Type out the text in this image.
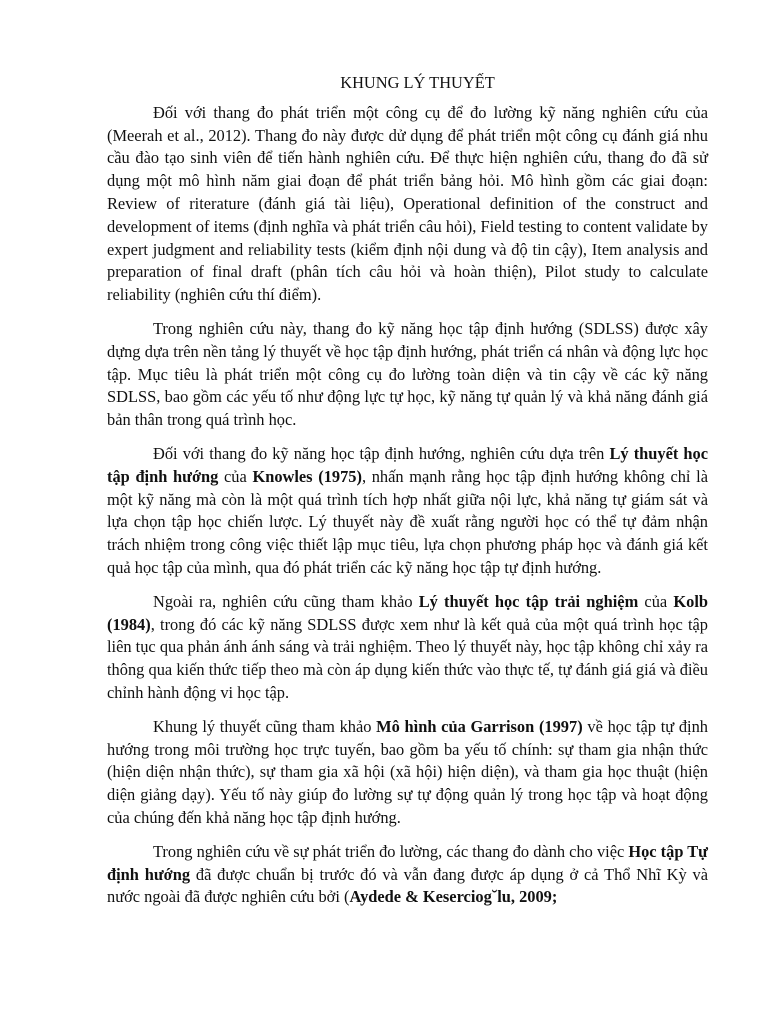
KHUNG LÝ THUYẾT

Đối với thang đo phát triển một công cụ để đo lường kỹ năng nghiên cứu của (Meerah et al., 2012). Thang đo này được dử dụng để phát triển một công cụ đánh giá nhu cầu đào tạo sinh viên để tiến hành nghiên cứu. Để thực hiện nghiên cứu, thang đo đã sử dụng một mô hình năm giai đoạn để phát triển bảng hỏi. Mô hình gồm các giai đoạn: Review of riterature (đánh giá tài liệu), Operational definition of the construct and development of items (định nghĩa và phát triển câu hỏi), Field testing to content validate by expert judgment and reliability tests (kiểm định nội dung và độ tin cậy), Item analysis and preparation of final draft (phân tích câu hỏi và hoàn thiện), Pilot study to calculate reliability (nghiên cứu thí điểm).

Trong nghiên cứu này, thang đo kỹ năng học tập định hướng (SDLSS) được xây dựng dựa trên nền tảng lý thuyết về học tập định hướng, phát triển cá nhân và động lực học tập. Mục tiêu là phát triển một công cụ đo lường toàn diện và tin cậy về các kỹ năng SDLSS, bao gồm các yếu tố như động lực tự học, kỹ năng tự quản lý và khả năng đánh giá bản thân trong quá trình học.

Đối với thang đo kỹ năng học tập định hướng, nghiên cứu dựa trên Lý thuyết học tập định hướng của Knowles (1975), nhấn mạnh rằng học tập định hướng không chỉ là một kỹ năng mà còn là một quá trình tích hợp nhất giữa nội lực, khả năng tự giám sát và lựa chọn tập học chiến lược. Lý thuyết này đề xuất rằng người học có thể tự đảm nhận trách nhiệm trong công việc thiết lập mục tiêu, lựa chọn phương pháp học và đánh giá kết quả học tập của mình, qua đó phát triển các kỹ năng học tập tự định hướng.

Ngoài ra, nghiên cứu cũng tham khảo Lý thuyết học tập trải nghiệm của Kolb (1984), trong đó các kỹ năng SDLSS được xem như là kết quả của một quá trình học tập liên tục qua phản ánh ánh sáng và trải nghiệm. Theo lý thuyết này, học tập không chỉ xảy ra thông qua kiến thức tiếp theo mà còn áp dụng kiến thức vào thực tế, tự đánh giá giá và điều chỉnh hành động vi học tập.

Khung lý thuyết cũng tham khảo Mô hình của Garrison (1997) về học tập tự định hướng trong môi trường học trực tuyến, bao gồm ba yếu tố chính: sự tham gia nhận thức (hiện diện nhận thức), sự tham gia xã hội (xã hội) hiện diện), và tham gia học thuật (hiện diện giảng dạy). Yếu tố này giúp đo lường sự tự động quản lý trong học tập và hoạt động của chúng đến khả năng học tập định hướng.

Trong nghiên cứu về sự phát triển đo lường, các thang đo dành cho việc Học tập Tự định hướng đã được chuẩn bị trước đó và vẫn đang được áp dụng ở cả Thổ Nhĩ Kỳ và nước ngoài đã được nghiên cứu bởi (Aydede & Keserciog˘lu, 2009;
